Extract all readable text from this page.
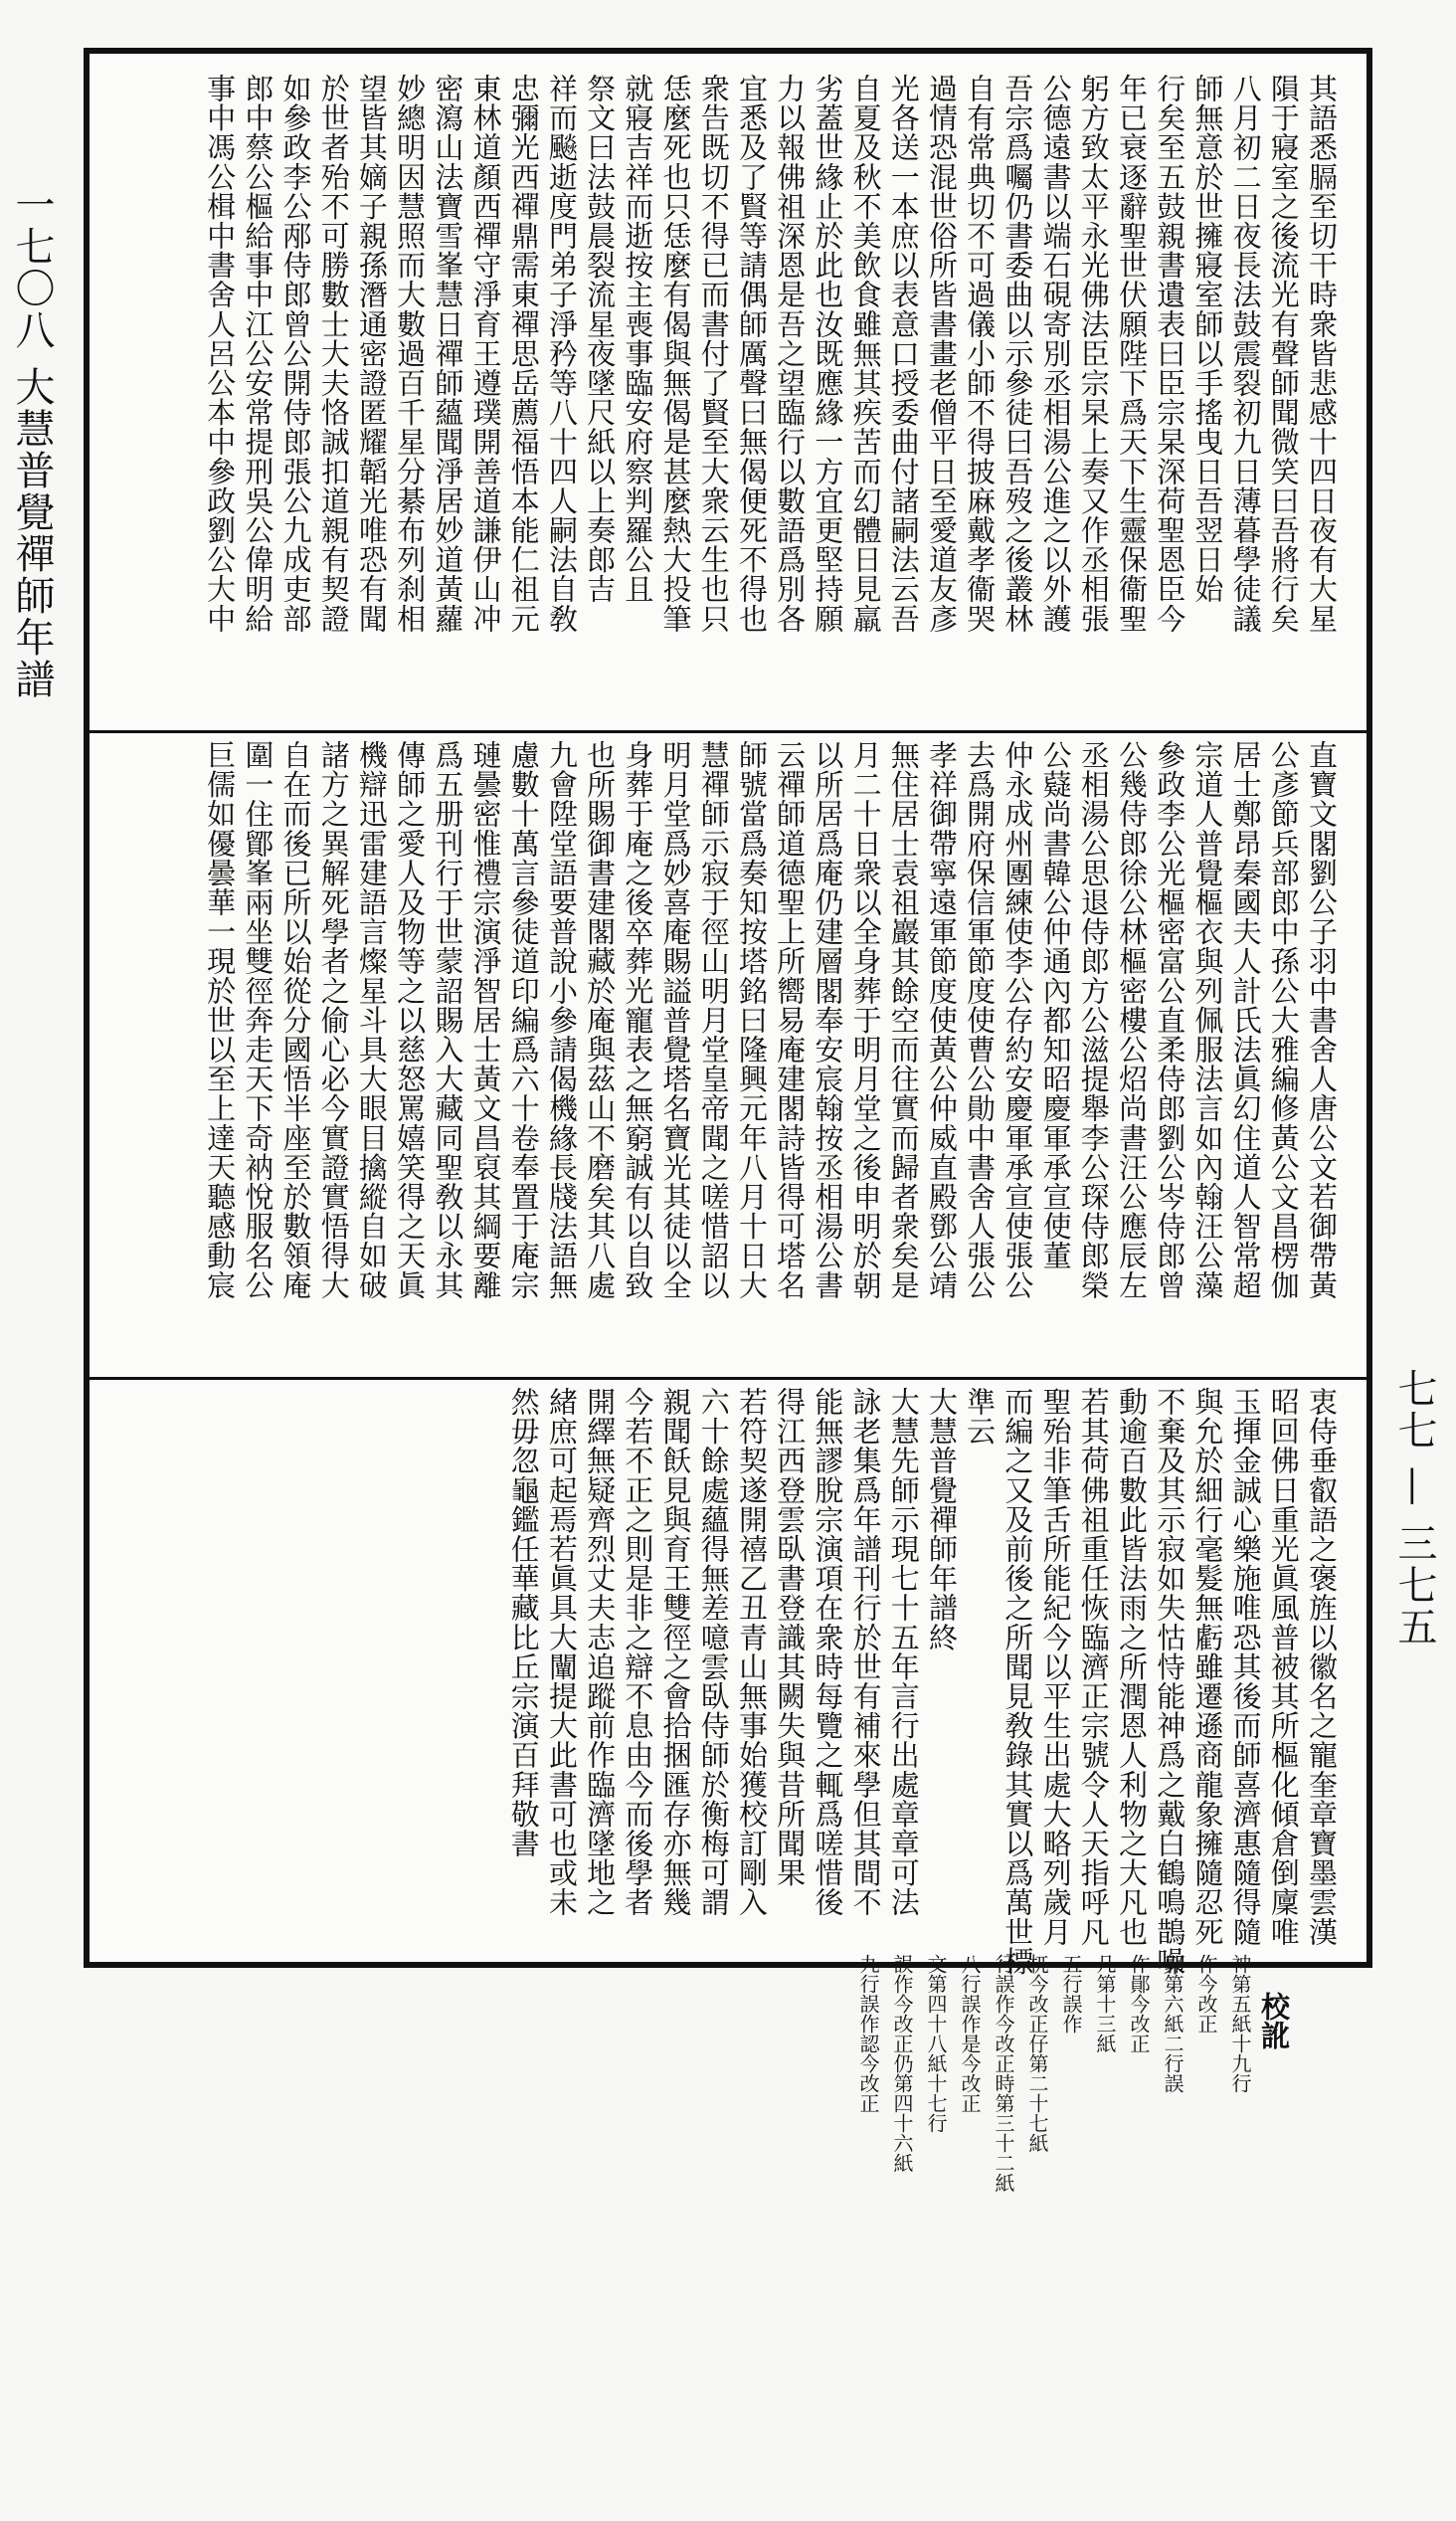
一七〇八 大慧普覺禪師年譜
七七 — 三七五
其語悉膈至切干時衆皆悲感十四日夜有大星
隕于寢室之後流光有聲師聞微笑曰吾將行矣
八月初二日夜長法鼓震裂初九日薄暮學徒議
師無意於世擁寢室師以手搖曳日吾翌日始
行矣至五鼓親書遺表曰臣宗杲深荷聖恩臣今
年已衰逐辭聖世伏願陛下爲天下生靈保衞聖
躬方致太平永光佛法臣宗杲上奏又作丞相張
公德遠書以端石硯寄別丞相湯公進之以外護
吾宗爲囑仍書委曲以示參徒曰吾歿之後叢林
自有常典切不可過儀小師不得披麻戴孝衞哭
過情恐混世俗所皆書畫老僧平日至愛道友彥
光各送一本庶以表意口授委曲付諸嗣法云吾
自夏及秋不美飲食雖無其疾苦而幻體日見羸
劣蓋世緣止於此也汝既應緣一方宜更堅持願
力以報佛祖深恩是吾之望臨行以數語爲別各
宜悉及了賢等請偶師厲聲曰無偈便死不得也
衆告既切不得已而書付了賢至大衆云生也只
恁麼死也只恁麼有偈與無偈是甚麼熱大投筆
就寢吉祥而逝按主喪事臨安府察判羅公且
祭文曰法鼓晨裂流星夜墜尺紙以上奏郎吉
祥而飈逝度門弟子淨矜等八十四人嗣法自敎
忠彌光西禪鼎需東禪思岳薦福悟本能仁祖元
東林道顏西禪守淨育王遵璞開善道謙伊山冲
密瀉山法寶雪峯慧日禪師蘊聞淨居妙道黃蘿
妙總明因慧照而大數過百千星分綦布列刹相
望皆其嫡子親孫潛通密證匿耀韜光唯恐有聞
於世者殆不可勝數士大夫恪誠扣道親有契證
如參政李公邴侍郎曾公開侍郎張公九成吏部
郎中蔡公樞給事中江公安常提刑吳公偉明給
事中馮公楫中書舍人呂公本中參政劉公大中
直寶文閣劉公子羽中書舍人唐公文若御帶黃
公彥節兵部郎中孫公大雅編修黃公文昌楞伽
居士鄭昂秦國夫人計氏法眞幻住道人智常超
宗道人普覺樞衣與列佩服法言如內翰汪公藻
參政李公光樞密富公直柔侍郎劉公岑侍郎曾
公幾侍郎徐公林樞密樓公炤尚書汪公應辰左
丞相湯公思退侍郎方公滋提舉李公琛侍郎榮
公薿尚書韓公仲通內都知昭慶軍承宣使董
仲永成州團練使李公存約安慶軍承宣使張公
去爲開府保信軍節度使曹公勛中書舍人張公
孝祥御帶寧遠軍節度使黃公仲威直殿鄧公靖
無住居士袁祖巖其餘空而往實而歸者衆矣是
月二十日衆以全身葬于明月堂之後申明於朝
以所居爲庵仍建層閣奉安宸翰按丞相湯公書
云禪師道德聖上所嚮易庵建閣詩皆得可塔名
師號當爲奏知按塔銘曰隆興元年八月十日大
慧禪師示寂于徑山明月堂皇帝聞之嗟惜詔以
明月堂爲妙喜庵賜謚普覺塔名寶光其徒以全
身葬于庵之後卒葬光寵表之無窮誠有以自致
也所賜御書建閣藏於庵與茲山不磨矣其八處
九會陞堂語要普說小參請偈機緣長牋法語無
慮數十萬言參徒道印編爲六十卷奉置于庵宗
璉曇密惟禮宗演淨智居士黃文昌裒其綱要離
爲五册刊行于世蒙詔賜入大藏同聖敎以永其
傳師之愛人及物等之以慈怒罵嬉笑得之天眞
機辯迅雷建語言燦星斗具大眼目擒縱自如破
諸方之異解死學者之偷心必今實證實悟得大
自在而後已所以始從分國悟半座至於數領庵
圍一住鄮峯兩坐雙徑奔走天下奇衲悅服名公
巨儒如優曇華一現於世以至上達天聽感動宸
衷侍垂叡語之褒旌以徽名之寵奎章寶墨雲漢
昭回佛日重光眞風普被其所樞化傾倉倒廩唯
玉揮金誠心樂施唯恐其後而師喜濟惠隨得隨
與允於細行毫髮無虧雖遷遜商龍象擁隨忍死
不棄及其示寂如失怙恃能神爲之戴白鶴鳴鵲噪
動逾百數此皆法雨之所潤恩人利物之大凡也
若其荷佛祖重任恢臨濟正宗號令人天指呼凡
聖殆非筆舌所能紀今以平生出處大略列歲月
而編之又及前後之所聞見敎錄其實以爲萬世標
準云
大慧普覺禪師年譜終
大慧先師示現七十五年言行出處章章可法
詠老集爲年譜刊行於世有補來學但其間不
能無謬脫宗演項在衆時每覽之輒爲嗟惜後
得江西登雲臥書登識其闕失與昔所聞果
若符契遂開禧乙丑青山無事始獲校訂剛入
六十餘處蘊得無差噫雲臥侍師於衡梅可謂
親聞飫見與育王雙徑之會拾捆匯存亦無幾
今若不正之則是非之辯不息由今而後學者
開繹無疑齊烈丈夫志追蹤前作臨濟墜地之
緒庶可起焉若眞具大闡提大此書可也或未
然毋忽龜鑑任華藏比丘宗演百拜敬書

校訛
神第五紙十九行
作今改正
郭第六紙二行誤
作鄖今改正
几第十三紙
五行誤作
杌今改正仔第二十七紙
行誤作今改正時第三十二紙
八行誤作是今改正
文第四十八紙十七行
誤作今改正仍第四十六紙
九行誤作認今改正
